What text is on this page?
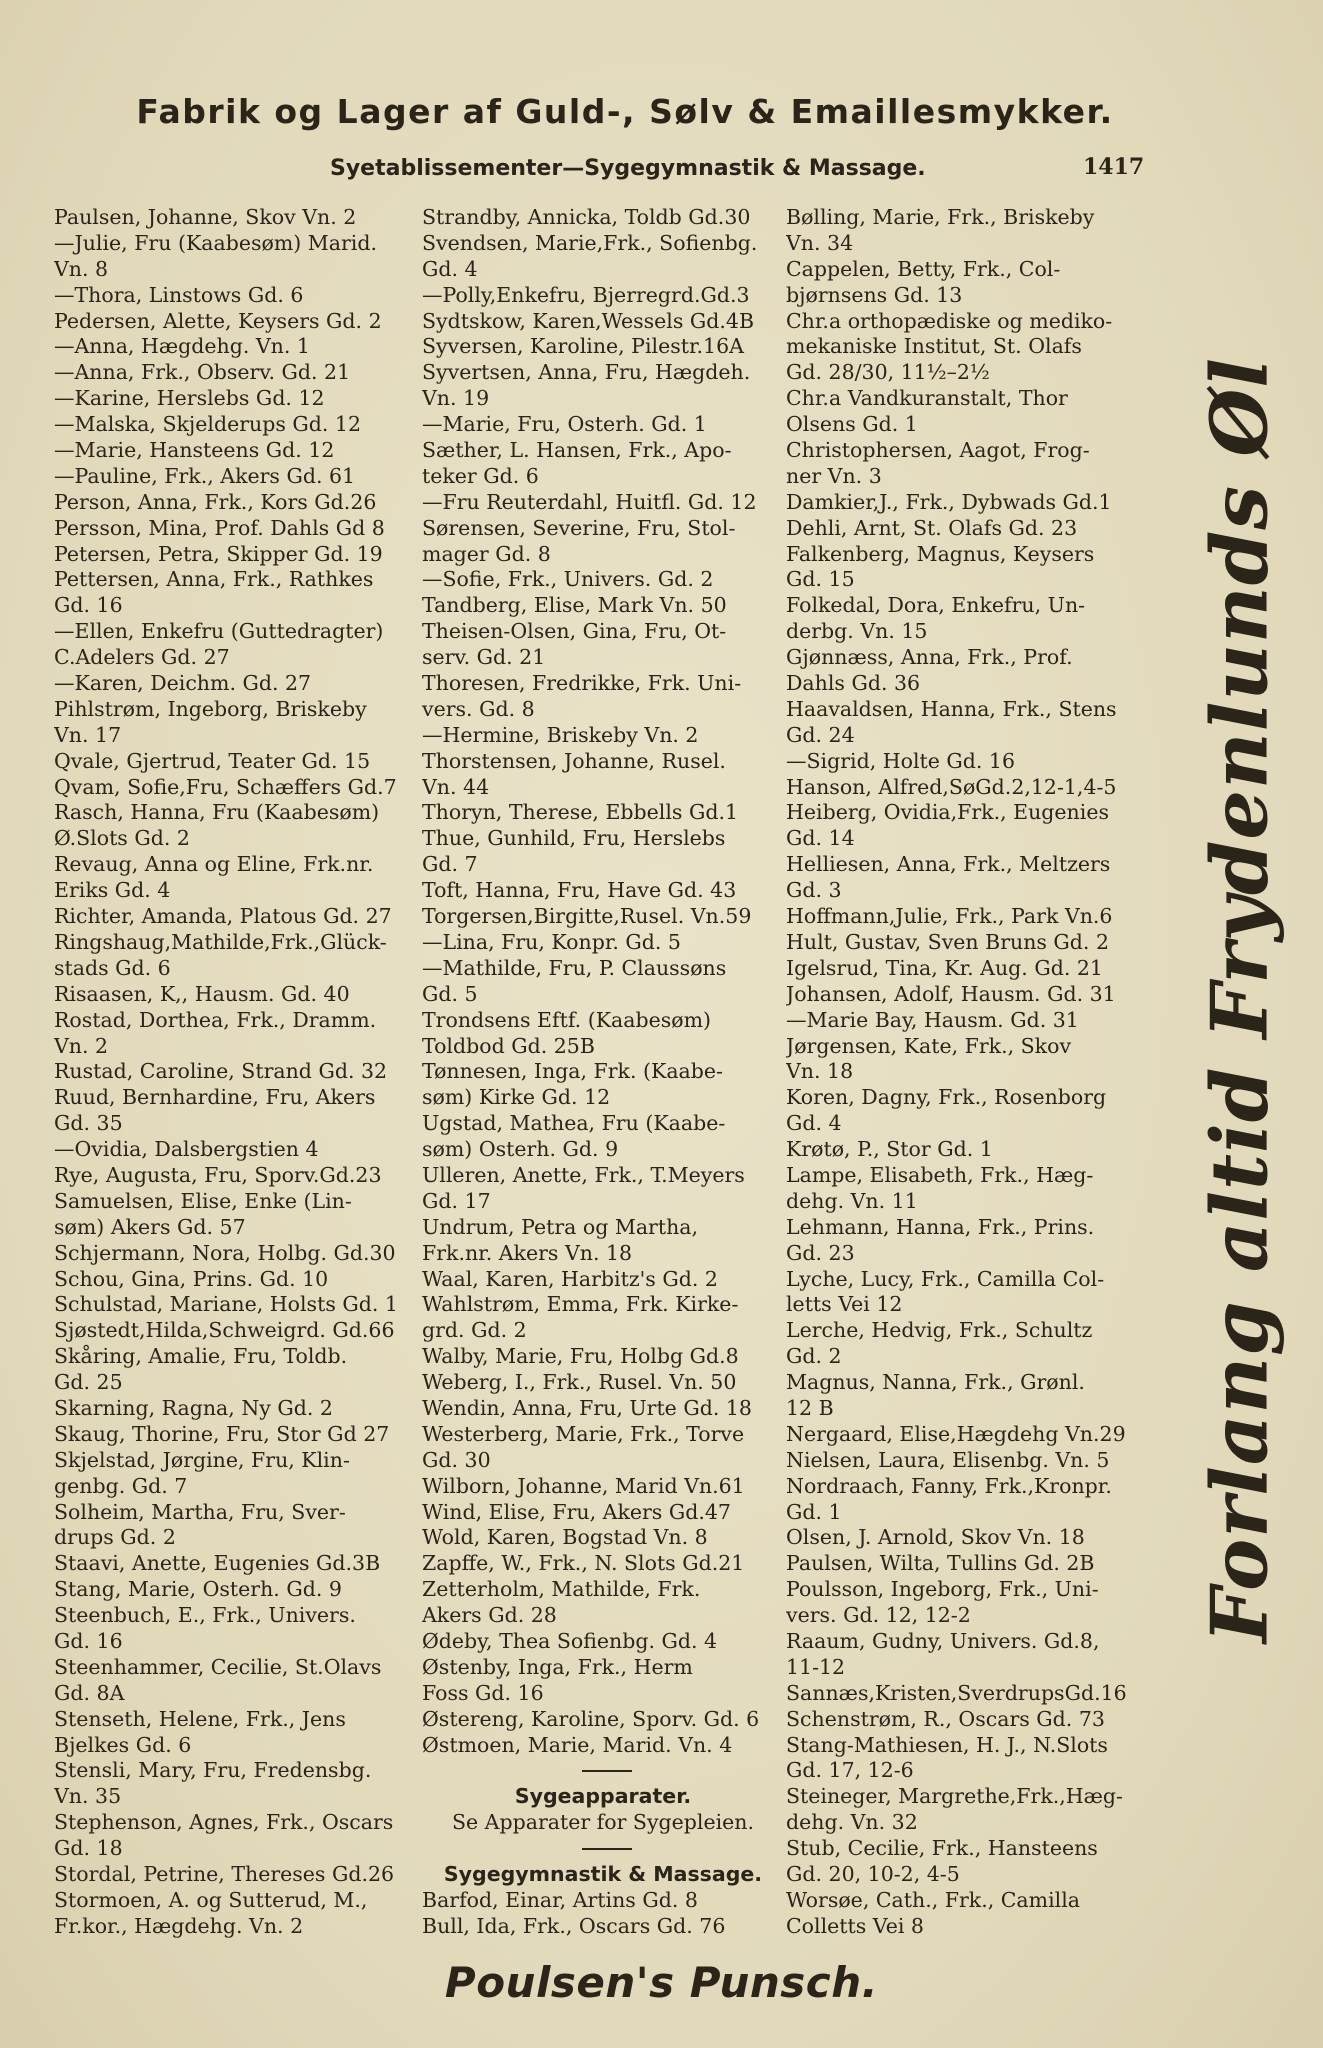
Fabrik og Lager af Guld-, Sølv & Emaillesmykker.
Syetablissementer—Sygegymnastik & Massage.	1417
Paulsen, Johanne, Skov Vn. 2
—Julie, Fru (Kaabesøm) Marid.
Vn. 8
—Thora, Linstows Gd. 6
Pedersen, Alette, Keysers Gd. 2
—Anna, Hægdehg. Vn. 1
—Anna, Frk., Observ. Gd. 21
—Karine, Herslebs Gd. 12
—Malska, Skjelderups Gd. 12
—Marie, Hansteens Gd. 12
—Pauline, Frk., Akers Gd. 61
Person, Anna, Frk., Kors Gd.26
Persson, Mina, Prof. Dahls Gd 8
Petersen, Petra, Skipper Gd. 19
Pettersen, Anna, Frk., Rathkes
Gd. 16
—Ellen, Enkefru (Guttedragter)
C.Adelers Gd. 27
—Karen, Deichm. Gd. 27
Pihlstrøm, Ingeborg, Briskeby
Vn. 17
Qvale, Gjertrud, Teater Gd. 15
Qvam, Sofie,Fru, Schæffers Gd.7
Rasch, Hanna, Fru (Kaabesøm)
Ø.Slots Gd. 2
Revaug, Anna og Eline, Frk.nr.
Eriks Gd. 4
Richter, Amanda, Platous Gd. 27
Ringshaug,Mathilde,Frk.,Glück-
stads Gd. 6
Risaasen, K,, Hausm. Gd. 40
Rostad, Dorthea, Frk., Dramm.
Vn. 2
Rustad, Caroline, Strand Gd. 32
Ruud, Bernhardine, Fru, Akers
Gd. 35
—Ovidia, Dalsbergstien 4
Rye, Augusta, Fru, Sporv.Gd.23
Samuelsen, Elise, Enke (Lin-
søm) Akers Gd. 57
Schjermann, Nora, Holbg. Gd.30
Schou, Gina, Prins. Gd. 10
Schulstad, Mariane, Holsts Gd. 1
Sjøstedt,Hilda,Schweigrd. Gd.66
Skåring, Amalie, Fru, Toldb.
Gd. 25
Skarning, Ragna, Ny Gd. 2
Skaug, Thorine, Fru, Stor Gd 27
Skjelstad, Jørgine, Fru, Klin-
genbg. Gd. 7
Solheim, Martha, Fru, Sver-
drups Gd. 2
Staavi, Anette, Eugenies Gd.3B
Stang, Marie, Osterh. Gd. 9
Steenbuch, E., Frk., Univers.
Gd. 16
Steenhammer, Cecilie, St.Olavs
Gd. 8A
Stenseth, Helene, Frk., Jens
Bjelkes Gd. 6
Stensli, Mary, Fru, Fredensbg.
Vn. 35
Stephenson, Agnes, Frk., Oscars
Gd. 18
Stordal, Petrine, Thereses Gd.26
Stormoen, A. og Sutterud, M.,
Fr.kor., Hægdehg. Vn. 2
Strandby, Annicka, Toldb Gd.30
Svendsen, Marie,Frk., Sofienbg.
Gd. 4
—Polly,Enkefru, Bjerregrd.Gd.3
Sydtskow, Karen,Wessels Gd.4B
Syversen, Karoline, Pilestr.16A
Syvertsen, Anna, Fru, Hægdeh.
Vn. 19
—Marie, Fru, Osterh. Gd. 1
Sæther, L. Hansen, Frk., Apo-
teker Gd. 6
—Fru Reuterdahl, Huitfl. Gd. 12
Sørensen, Severine, Fru, Stol-
mager Gd. 8
—Sofie, Frk., Univers. Gd. 2
Tandberg, Elise, Mark Vn. 50
Theisen-Olsen, Gina, Fru, Ot-
serv. Gd. 21
Thoresen, Fredrikke, Frk. Uni-
vers. Gd. 8
—Hermine, Briskeby Vn. 2
Thorstensen, Johanne, Rusel.
Vn. 44
Thoryn, Therese, Ebbells Gd.1
Thue, Gunhild, Fru, Herslebs
Gd. 7
Toft, Hanna, Fru, Have Gd. 43
Torgersen,Birgitte,Rusel. Vn.59
—Lina, Fru, Konpr. Gd. 5
—Mathilde, Fru, P. Claussøns
Gd. 5
Trondsens Eftf. (Kaabesøm)
Toldbod Gd. 25B
Tønnesen, Inga, Frk. (Kaabe-
søm) Kirke Gd. 12
Ugstad, Mathea, Fru (Kaabe-
søm) Osterh. Gd. 9
Ulleren, Anette, Frk., T.Meyers
Gd. 17
Undrum, Petra og Martha,
Frk.nr. Akers Vn. 18
Waal, Karen, Harbitz's Gd. 2
Wahlstrøm, Emma, Frk. Kirke-
grd. Gd. 2
Walby, Marie, Fru, Holbg Gd.8
Weberg, I., Frk., Rusel. Vn. 50
Wendin, Anna, Fru, Urte Gd. 18
Westerberg, Marie, Frk., Torve
Gd. 30
Wilborn, Johanne, Marid Vn.61
Wind, Elise, Fru, Akers Gd.47
Wold, Karen, Bogstad Vn. 8
Zapffe, W., Frk., N. Slots Gd.21
Zetterholm, Mathilde, Frk.
Akers Gd. 28
Ødeby, Thea Sofienbg. Gd. 4
Østenby, Inga, Frk., Herm
Foss Gd. 16
Østereng, Karoline, Sporv. Gd. 6
Østmoen, Marie, Marid. Vn. 4
Sygeapparater.
Se Apparater for Sygepleien.
Sygegymnastik & Massage.
Barfod, Einar, Artins Gd. 8
Bull, Ida, Frk., Oscars Gd. 76
Bølling, Marie, Frk., Briskeby
Vn. 34
Cappelen, Betty, Frk., Col-
bjørnsens Gd. 13
Chr.a orthopædiske og mediko-
mekaniske Institut, St. Olafs
Gd. 28/30, 11½–2½
Chr.a Vandkuranstalt, Thor
Olsens Gd. 1
Christophersen, Aagot, Frog-
ner Vn. 3
Damkier,J., Frk., Dybwads Gd.1
Dehli, Arnt, St. Olafs Gd. 23
Falkenberg, Magnus, Keysers
Gd. 15
Folkedal, Dora, Enkefru, Un-
derbg. Vn. 15
Gjønnæss, Anna, Frk., Prof.
Dahls Gd. 36
Haavaldsen, Hanna, Frk., Stens
Gd. 24
—Sigrid, Holte Gd. 16
Hanson, Alfred,SøGd.2,12-1,4-5
Heiberg, Ovidia,Frk., Eugenies
Gd. 14
Helliesen, Anna, Frk., Meltzers
Gd. 3
Hoffmann,Julie, Frk., Park Vn.6
Hult, Gustav, Sven Bruns Gd. 2
Igelsrud, Tina, Kr. Aug. Gd. 21
Johansen, Adolf, Hausm. Gd. 31
—Marie Bay, Hausm. Gd. 31
Jørgensen, Kate, Frk., Skov
Vn. 18
Koren, Dagny, Frk., Rosenborg
Gd. 4
Krøtø, P., Stor Gd. 1
Lampe, Elisabeth, Frk., Hæg-
dehg. Vn. 11
Lehmann, Hanna, Frk., Prins.
Gd. 23
Lyche, Lucy, Frk., Camilla Col-
letts Vei 12
Lerche, Hedvig, Frk., Schultz
Gd. 2
Magnus, Nanna, Frk., Grønl.
12 B
Nergaard, Elise,Hægdehg Vn.29
Nielsen, Laura, Elisenbg. Vn. 5
Nordraach, Fanny, Frk.,Kronpr.
Gd. 1
Olsen, J. Arnold, Skov Vn. 18
Paulsen, Wilta, Tullins Gd. 2B
Poulsson, Ingeborg, Frk., Uni-
vers. Gd. 12, 12-2
Raaum, Gudny, Univers. Gd.8,
11-12
Sannæs,Kristen,SverdrupsGd.16
Schenstrøm, R., Oscars Gd. 73
Stang-Mathiesen, H. J., N.Slots
Gd. 17, 12-6
Steineger, Margrethe,Frk.,Hæg-
dehg. Vn. 32
Stub, Cecilie, Frk., Hansteens
Gd. 20, 10-2, 4-5
Worsøe, Cath., Frk., Camilla
Colletts Vei 8
Forlang altid Frydenlunds Øl
Poulsen's Punsch.
